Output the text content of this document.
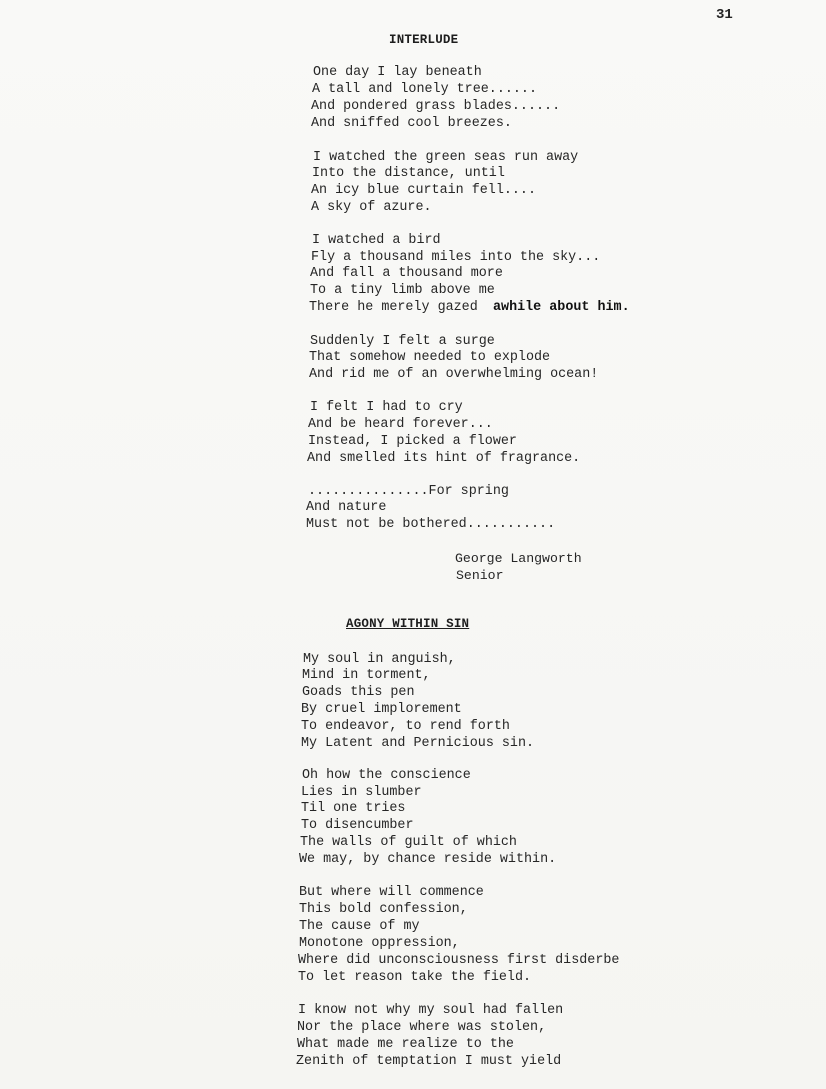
31
INTERLUDE
One day I lay beneath
A tall and lonely tree......
And pondered grass blades......
And sniffed cool breezes.
I watched the green seas run away
Into the distance, until
An icy blue curtain fell....
A sky of azure.
I watched a bird
Fly a thousand miles into the sky...
And fall a thousand more
To a tiny limb above me
There he merely gazed awhile about him.
Suddenly I felt a surge
That somehow needed to explode
And rid me of an overwhelming ocean!
I felt I had to cry
And be heard forever...
Instead, I picked a flower
And smelled its hint of fragrance.
...............For spring
And nature
Must not be bothered...........
George Langworth
Senior
AGONY WITHIN SIN
My soul in anguish,
Mind in torment,
Goads this pen
By cruel implorement
To endeavor, to rend forth
My Latent and Pernicious sin.
Oh how the conscience
Lies in slumber
Til one tries
To disencumber
The walls of guilt of which
We may, by chance reside within.
But where will commence
This bold confession,
The cause of my
Monotone oppression,
Where did unconsciousness first disderbe
To let reason take the field.
I know not why my soul had fallen
Nor the place where was stolen,
What made me realize to the
Zenith of temptation I must yield
